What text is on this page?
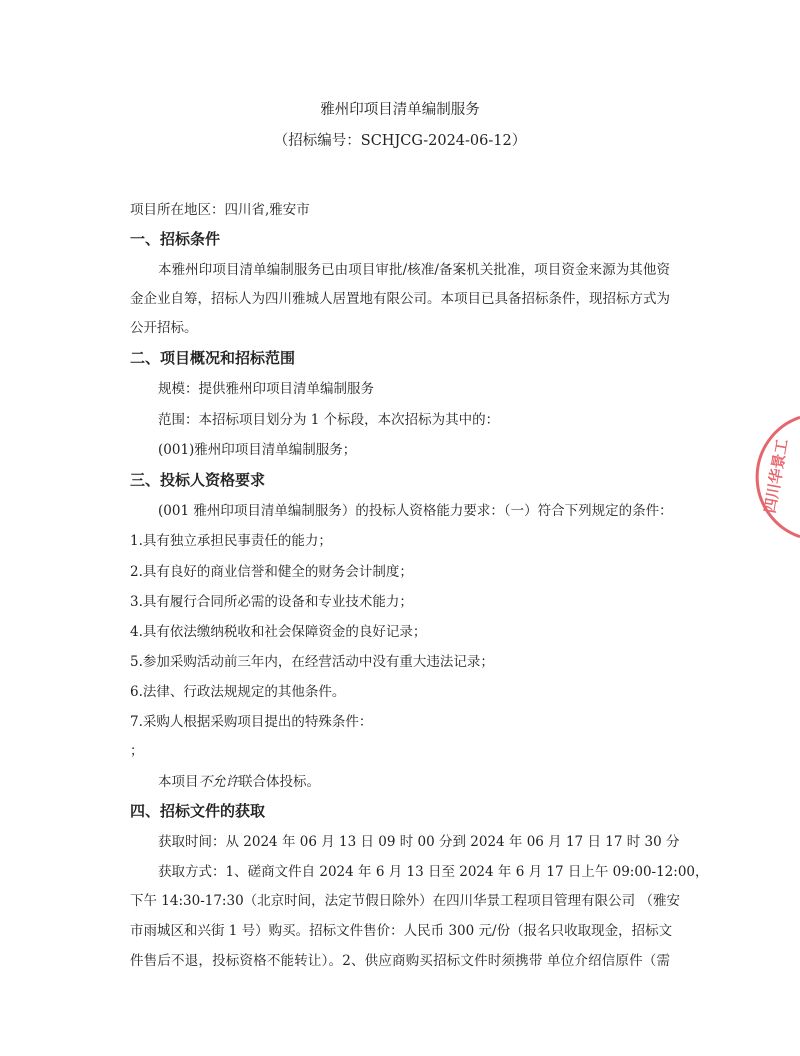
雅州印项目清单编制服务
（招标编号：SCHJCG-2024-06-12）
项目所在地区：四川省,雅安市
一、招标条件
本雅州印项目清单编制服务已由项目审批/核准/备案机关批准，项目资金来源为其他资
金企业自筹，招标人为四川雅城人居置地有限公司。本项目已具备招标条件，现招标方式为
公开招标。
二、项目概况和招标范围
规模：提供雅州印项目清单编制服务
范围：本招标项目划分为 1 个标段，本次招标为其中的：
(001)雅州印项目清单编制服务；
三、投标人资格要求
(001 雅州印项目清单编制服务）的投标人资格能力要求：（一）符合下列规定的条件：
1.具有独立承担民事责任的能力；
2.具有良好的商业信誉和健全的财务会计制度；
3.具有履行合同所必需的设备和专业技术能力；
4.具有依法缴纳税收和社会保障资金的良好记录；
5.参加采购活动前三年内，在经营活动中没有重大违法记录；
6.法律、行政法规规定的其他条件。
7.采购人根据采购项目提出的特殊条件：
；
本项目不允许联合体投标。
四、招标文件的获取
获取时间：从 2024 年 06 月 13 日 09 时 00 分到 2024 年 06 月 17 日 17 时 30 分
获取方式：1、磋商文件自 2024 年 6 月 13 日至 2024 年 6 月 17 日上午 09:00-12:00，
下午 14:30-17:30（北京时间，法定节假日除外）在四川华景工程项目管理有限公司 （雅安
市雨城区和兴街 1 号）购买。招标文件售价：人民币 300 元/份（报名只收取现金，招标文
件售后不退，投标资格不能转让）。2、供应商购买招标文件时须携带 单位介绍信原件（需
四川华景工
